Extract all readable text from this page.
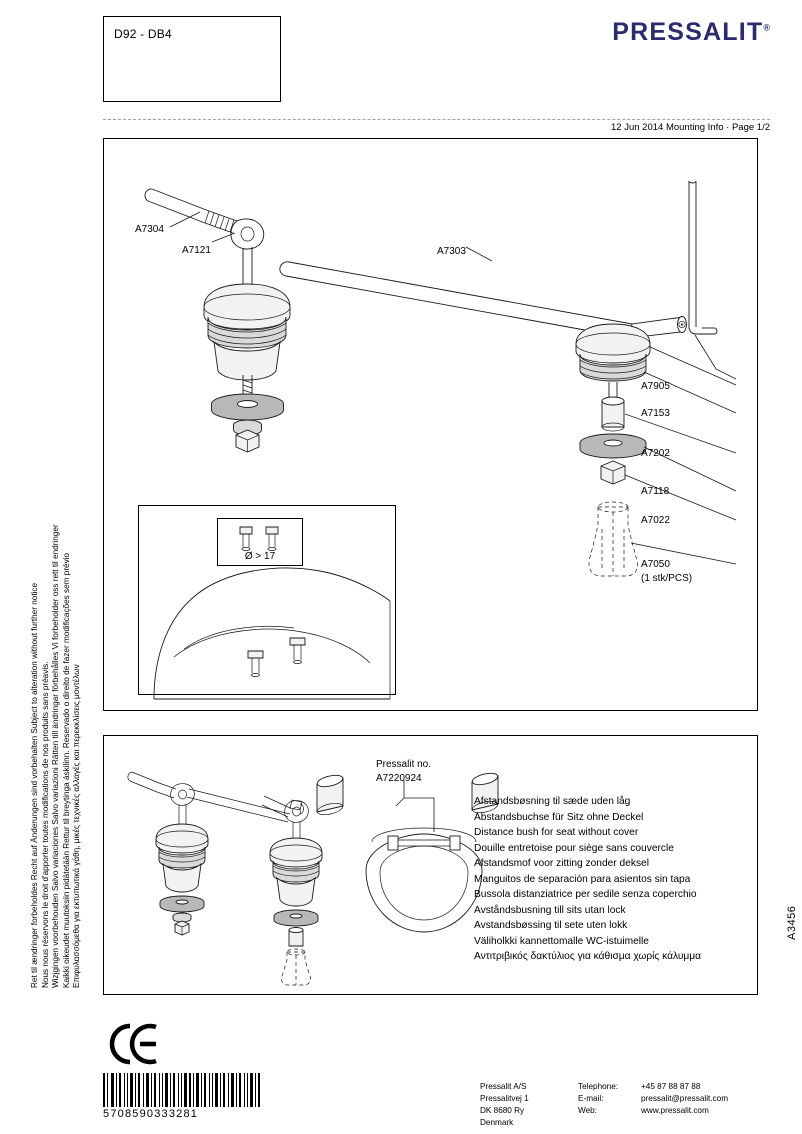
D92 - DB4	PRESSALIT®
12 Jun 2014 Mounting Info · Page 1/2
Ret til ændringer forbeholdes Recht auf Änderungen sind vorbehalten Subject to alteration without further notice Nous nous réservons le droit d'apporter toutes modifications de nos produits sans préavis. Wizjgingen voorbehouden Salvo variaciones Salvo variazioni Rätten till ändringar förbehålles Vi forbeholder oss rett til endringer Kaikki oikeudet muutoksiin pidätetään Rettur til breytinga áskilinn. Reservado o direito de fazer modificações sem prévio Επιφυλασσόμεθα για εκτυπωτικά γάθη, μικές τεχνικές αλλαγές και περεκκλίσεις μοντέλων	A3456
A7304
A7121	A7303
A7905
A7153
A7202
A7118
A7022
A7050
(1 stk/PCS)
Ø > 17
Pressalit no.
A7220924
Afstandsbøsning til sæde uden låg
Abstandsbuchse für Sitz ohne Deckel
Distance bush for seat without cover
Douille entretoise pour siège sans couvercle
Afstandsmof voor zitting zonder deksel
Manguitos de separación para asientos sin tapa
Bussola distanziatrice per sedile senza coperchio
Avståndsbusning till sits utan lock
Avstandsbøssing til sete uten lokk
Väliholkki kannettomalle WC-istuimelle
Αντιτριβικός δακτύλιος για κάθισμα χωρίς κάλυμμα
5708590333281
Pressalit A/S
Pressalitvej 1
DK 8680 Ry
Denmark
Telephone:
E-mail:
Web:
+45 87 88 87 88
pressalit@pressalit.com
www.pressalit.com
